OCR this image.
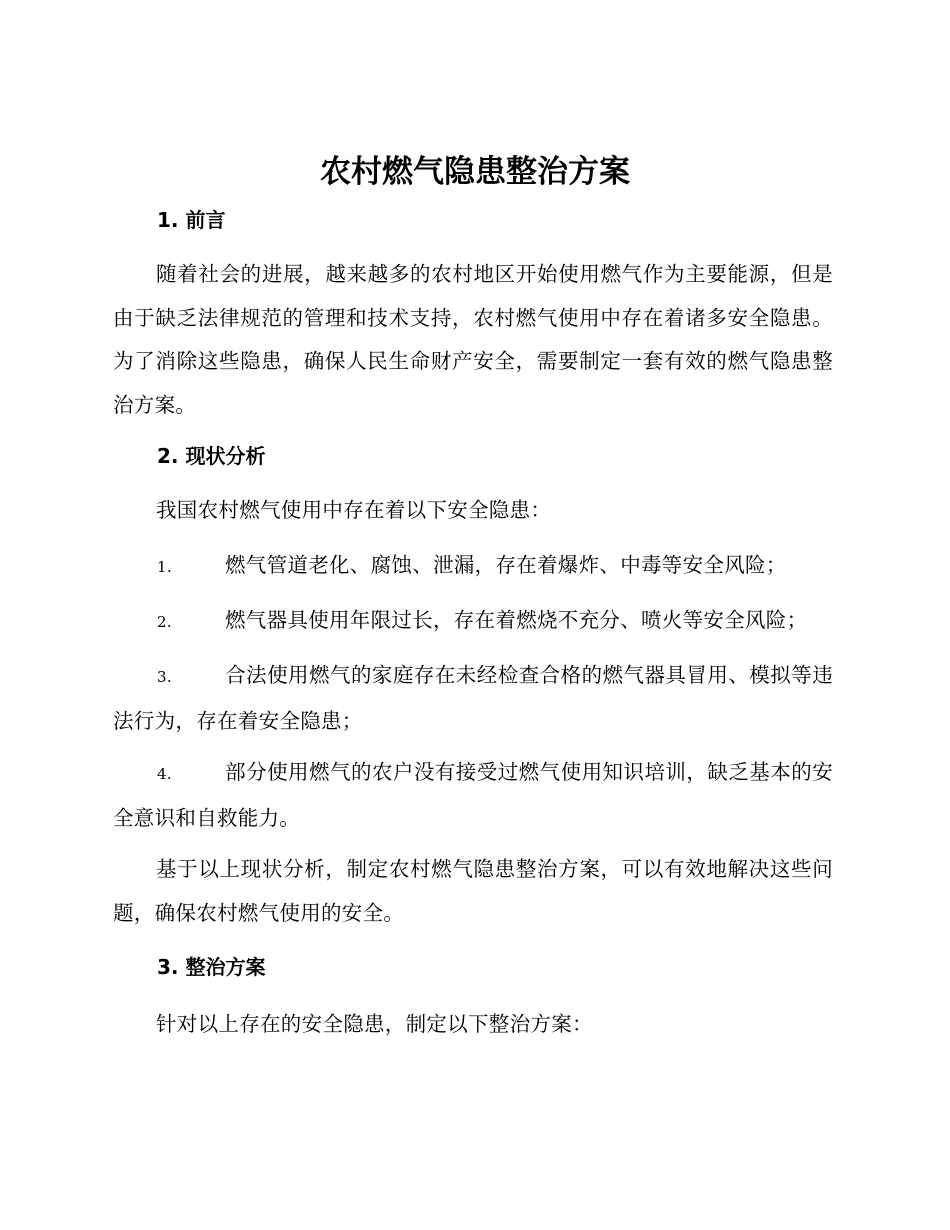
农村燃气隐患整治方案
1. 前言
随着社会的进展，越来越多的农村地区开始使用燃气作为主要能源，但是由于缺乏法律规范的管理和技术支持，农村燃气使用中存在着诸多安全隐患。为了消除这些隐患，确保人民生命财产安全，需要制定一套有效的燃气隐患整治方案。
2. 现状分析
我国农村燃气使用中存在着以下安全隐患：
1.	燃气管道老化、腐蚀、泄漏，存在着爆炸、中毒等安全风险；
2.	燃气器具使用年限过长，存在着燃烧不充分、喷火等安全风险；
3.	合法使用燃气的家庭存在未经检查合格的燃气器具冒用、模拟等违法行为，存在着安全隐患；
4.	部分使用燃气的农户没有接受过燃气使用知识培训，缺乏基本的安全意识和自救能力。
基于以上现状分析，制定农村燃气隐患整治方案，可以有效地解决这些问题，确保农村燃气使用的安全。
3. 整治方案
针对以上存在的安全隐患，制定以下整治方案：
